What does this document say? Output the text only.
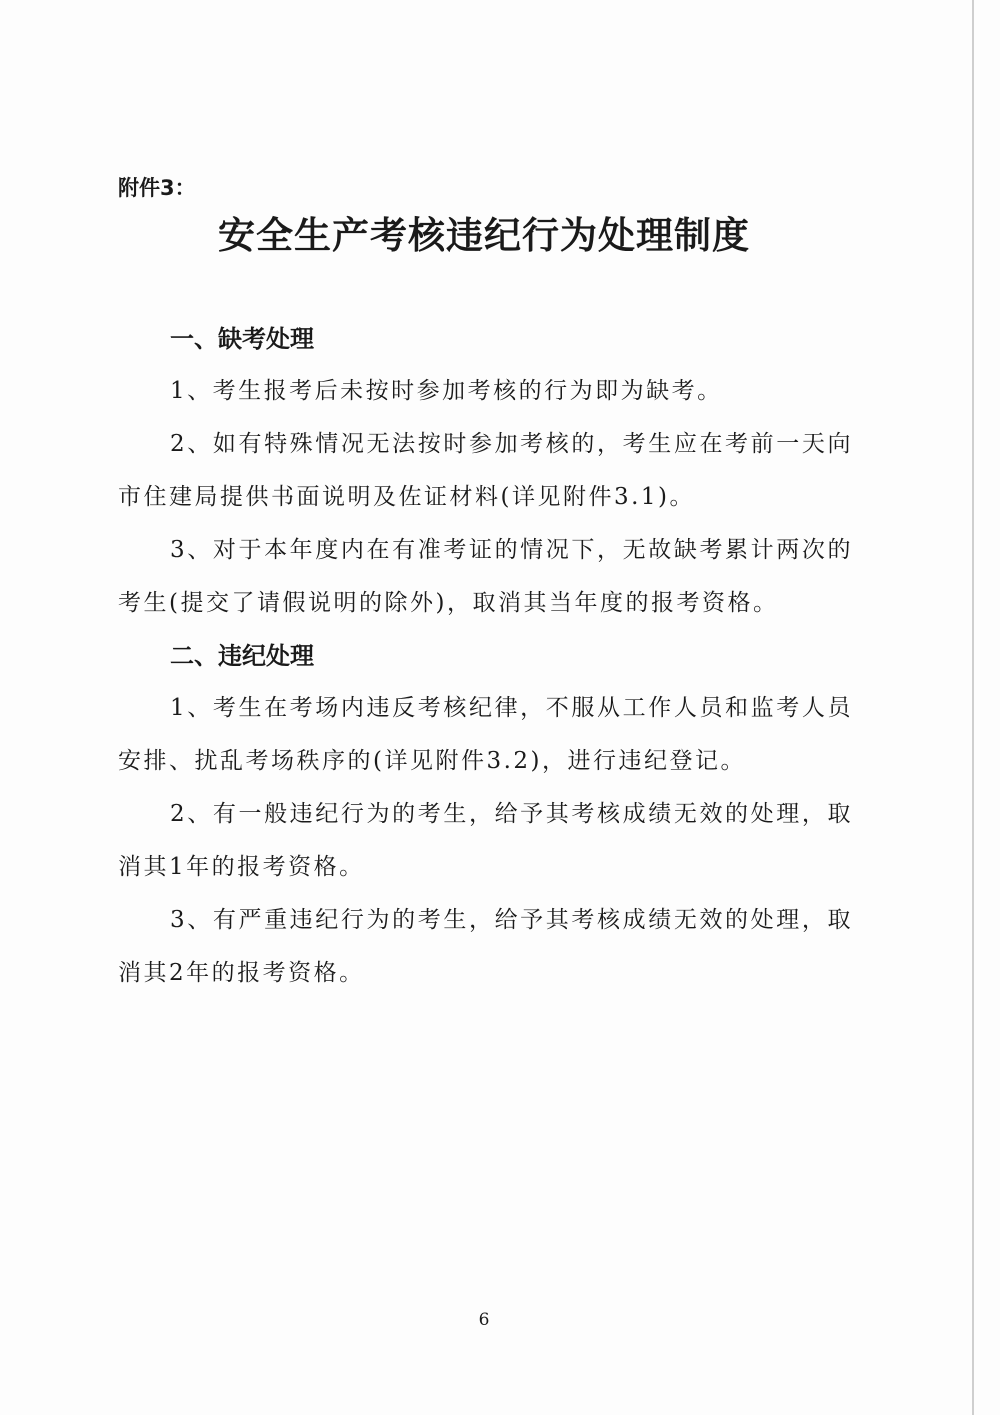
附件3：
安全生产考核违纪行为处理制度

一、缺考处理

1、考生报考后未按时参加考核的行为即为缺考。

2、如有特殊情况无法按时参加考核的，考生应在考前一天向市住建局提供书面说明及佐证材料(详见附件3.1)。

3、对于本年度内在有准考证的情况下，无故缺考累计两次的考生(提交了请假说明的除外)，取消其当年度的报考资格。

二、违纪处理

1、考生在考场内违反考核纪律，不服从工作人员和监考人员安排、扰乱考场秩序的(详见附件3.2)，进行违纪登记。

2、有一般违纪行为的考生，给予其考核成绩无效的处理，取消其1年的报考资格。

3、有严重违纪行为的考生，给予其考核成绩无效的处理，取消其2年的报考资格。

6
